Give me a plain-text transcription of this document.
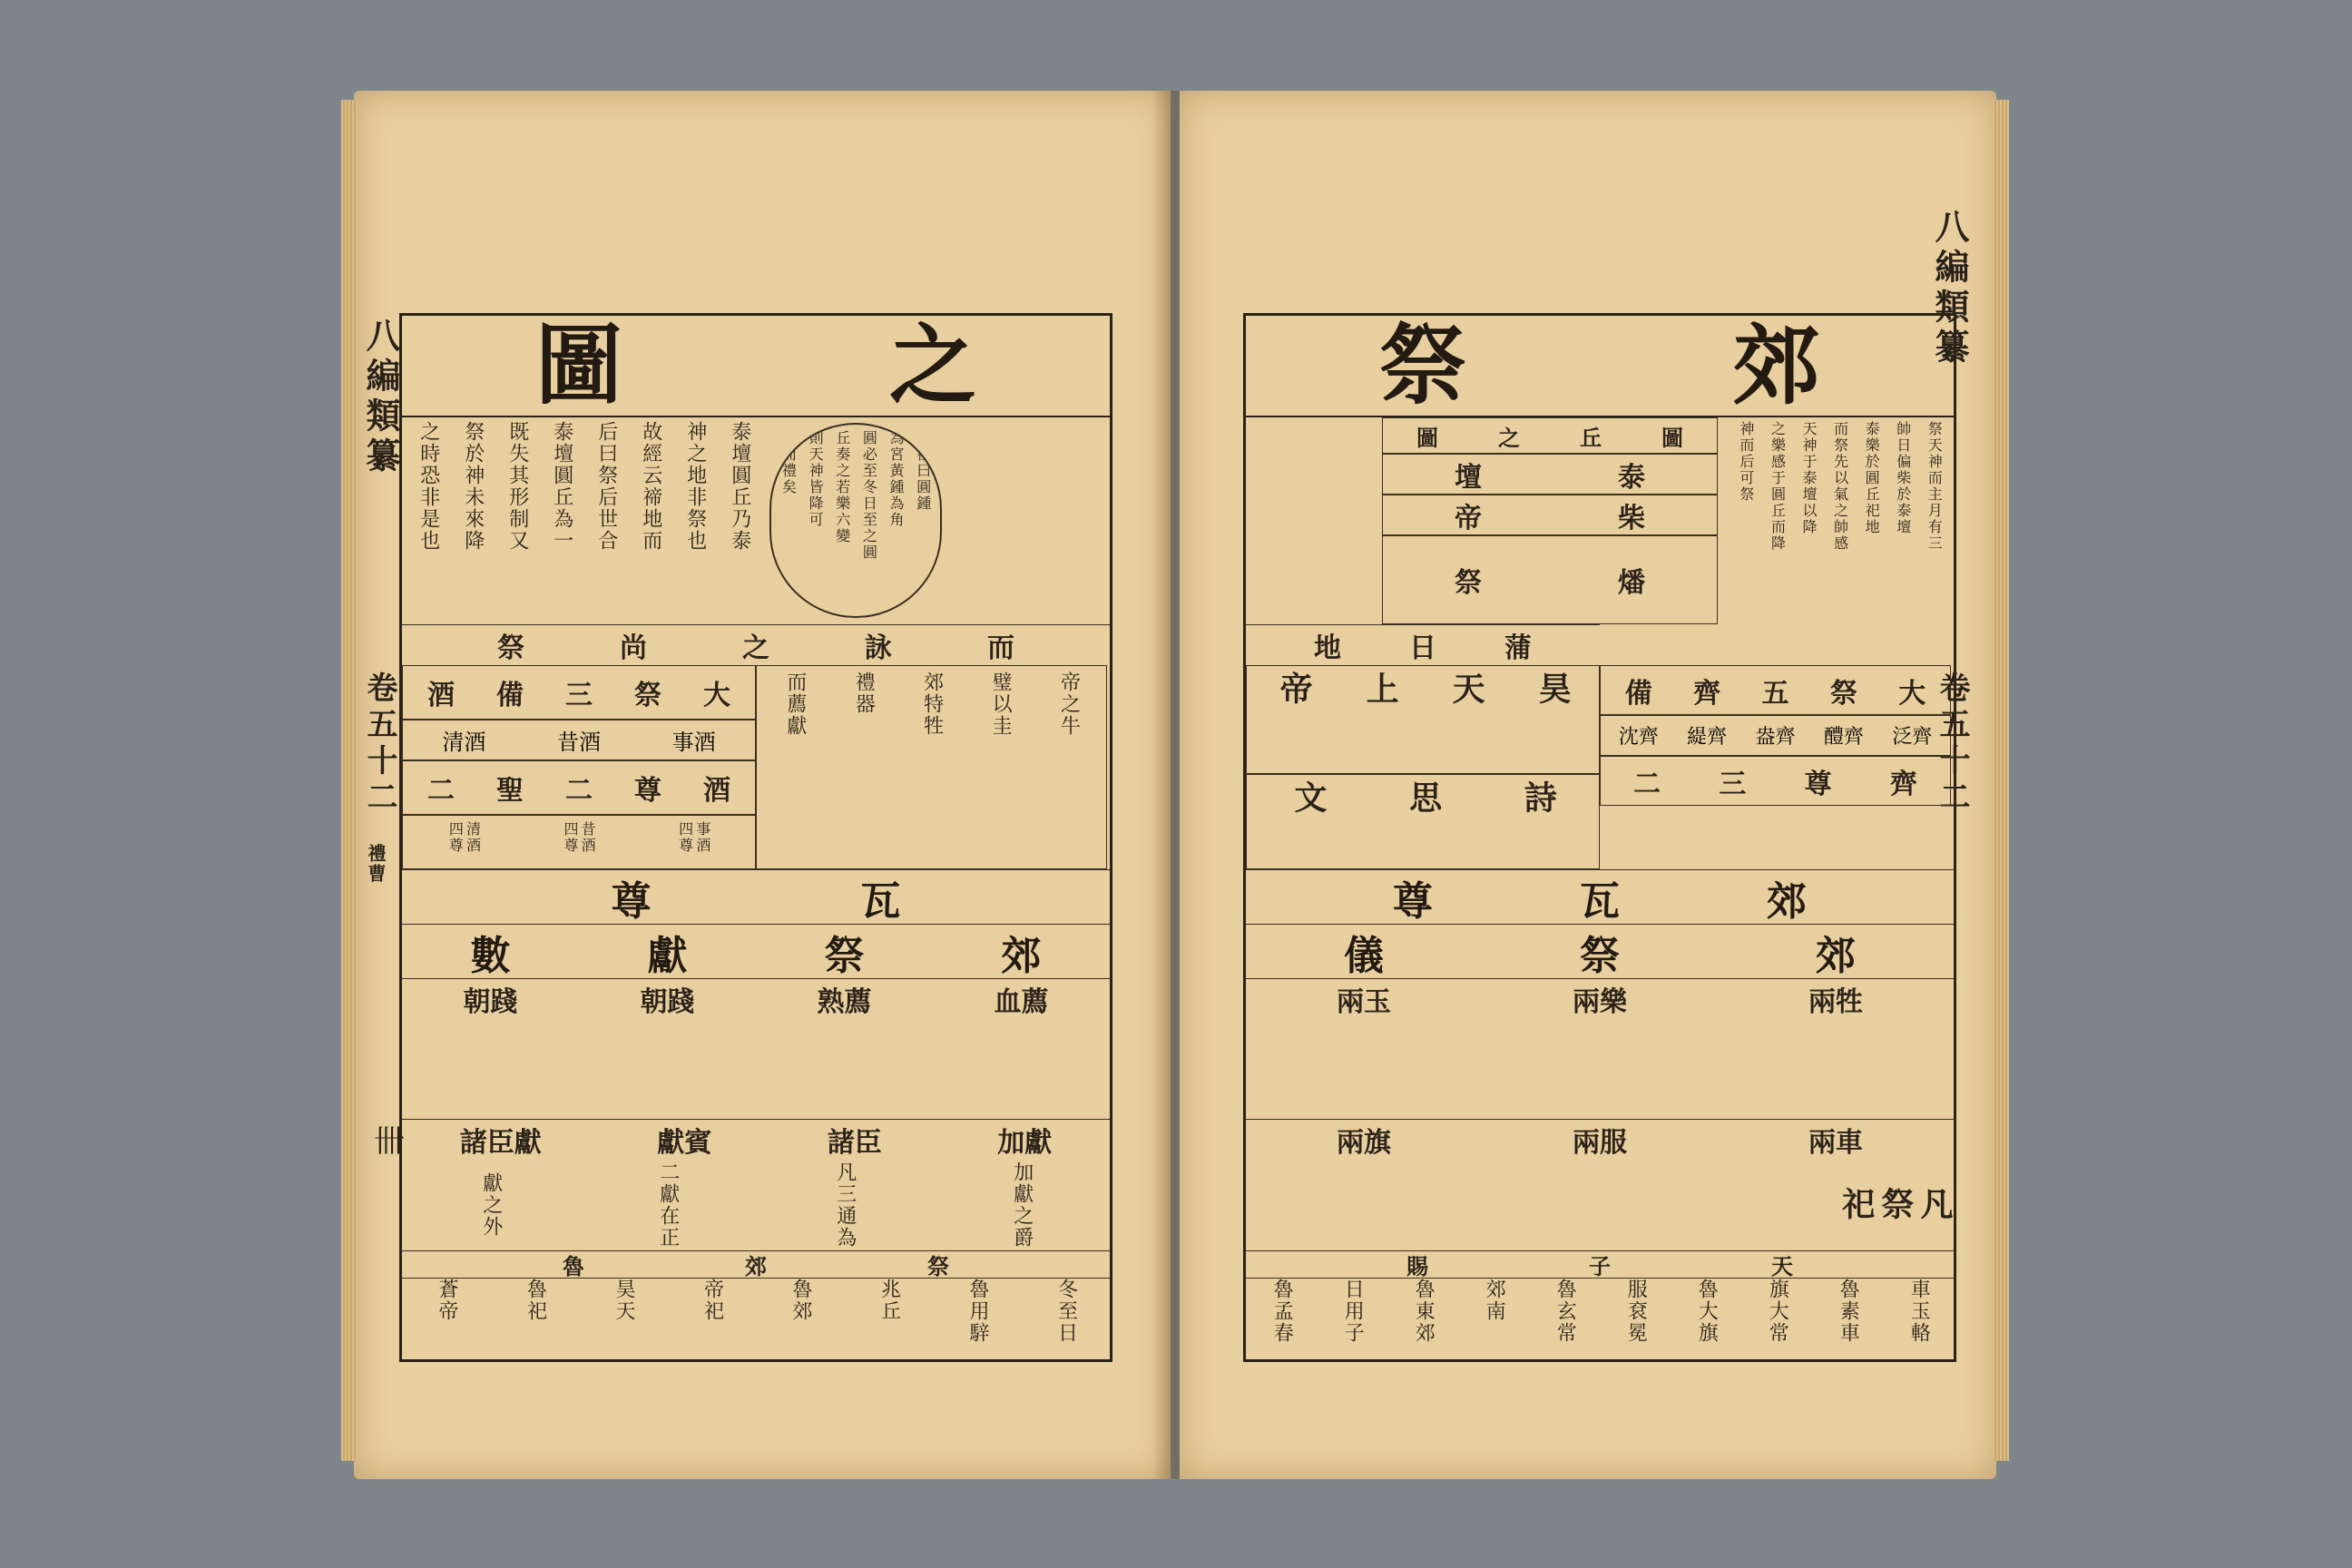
八編類纂
卷五十二
禮曹
卌
之
圖
泰壇圓丘乃泰
神之地非祭也
故經云禘地而
后曰祭后世合
泰壇圓丘為一
既失其形制又
祭於神未來降
之時恐非是也	周禮曰圓鍾
為宮黃鍾為角
圓必至冬日至之圓
丘奏之若樂六變
則天神皆降可
得而禮矣
而
詠
之
尚
祭
大
祭
三
備
酒
事酒
昔酒
清酒
酒
尊
二
聖
二
事酒四尊
昔酒四尊
清酒四尊
帝之牛
璧以圭
郊特牲
禮器
而薦獻
瓦
尊
郊
祭
獻
數
血薦
熟薦
朝踐
朝踐

加獻
諸臣
獻賓
諸臣獻
加獻之爵
凡三通為
二獻在正
獻之外
祭
郊
魯
冬至日
魯用騂
兆丘
魯郊
帝祀
昊天
魯祀
蒼帝
八編類纂
卷五十二
郊
祭
祭天神而主月有三
帥日偏柴於泰壇
泰樂於圓丘祀地
而祭先以氣之帥感
天神于泰壇以降
之樂感于圓丘而降
神而后可祭
圖
丘
之
圖
泰
壇
柴
帝
燔
祭
蒲
日
地
昊
天
上
帝	大
祭
五
齊
備
泛齊
醴齊
盎齊
緹齊
沈齊
齊
尊
三
二
詩
思
文
郊
瓦
尊
郊
祭
儀
兩牲
兩樂
兩玉

兩車
兩服
兩旗
凡
祭
祀
天
子
賜
車玉輅
魯素車
旗大常
魯大旗
服袞冕
魯玄常
郊南
魯東郊
日用子
魯孟春
